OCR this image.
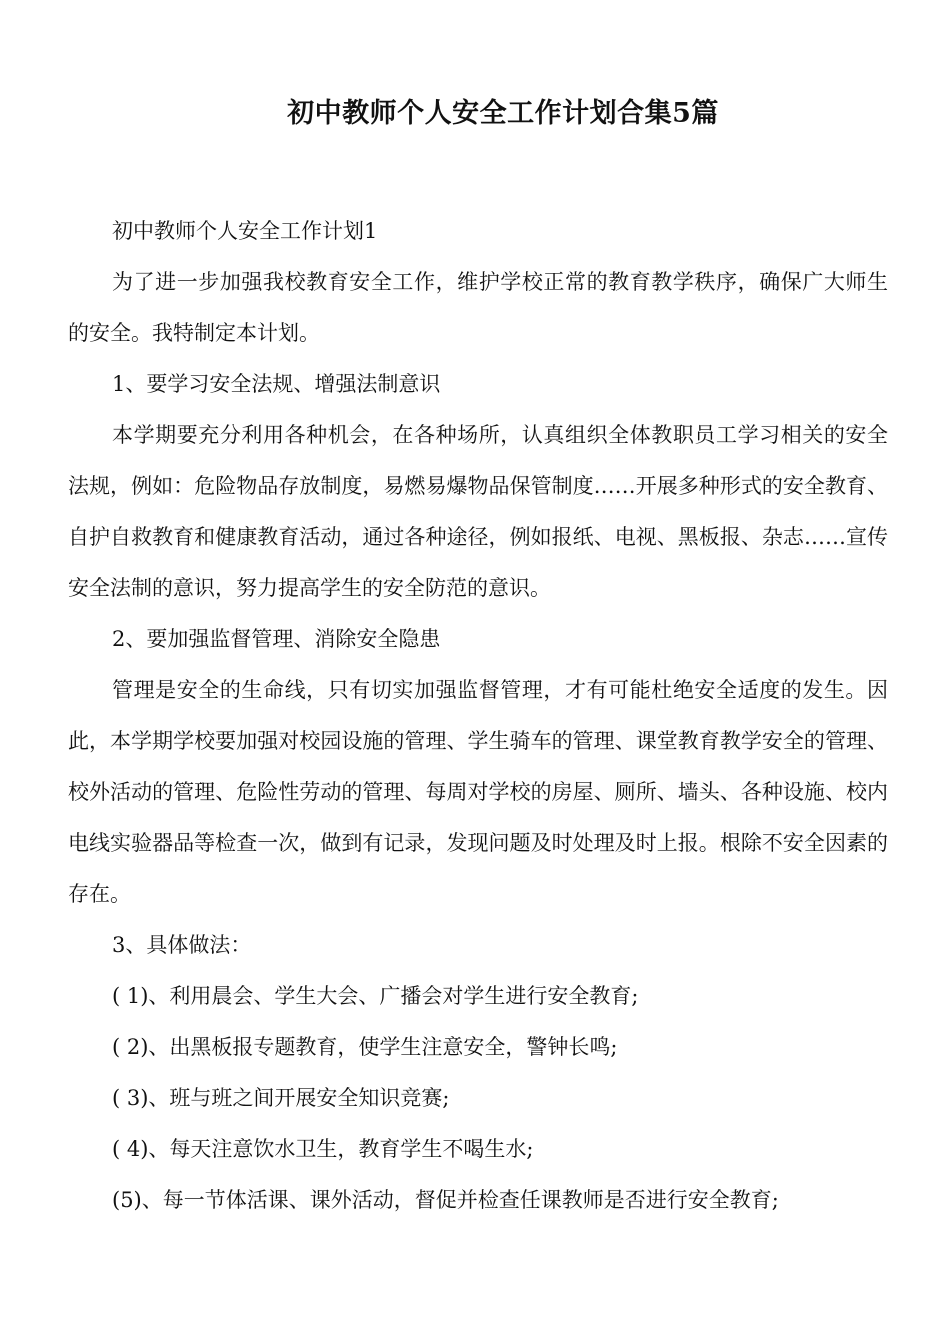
初中教师个人安全工作计划合集5篇

初中教师个人安全工作计划1

为了进一步加强我校教育安全工作，维护学校正常的教育教学秩序，确保广大师生的安全。我特制定本计划。

1、要学习安全法规、增强法制意识

本学期要充分利用各种机会，在各种场所，认真组织全体教职员工学习相关的安全法规，例如：危险物品存放制度，易燃易爆物品保管制度……开展多种形式的安全教育、自护自救教育和健康教育活动，通过各种途径，例如报纸、电视、黑板报、杂志……宣传安全法制的意识，努力提高学生的安全防范的意识。

2、要加强监督管理、消除安全隐患

管理是安全的生命线，只有切实加强监督管理，才有可能杜绝安全适度的发生。因此，本学期学校要加强对校园设施的管理、学生骑车的管理、课堂教育教学安全的管理、校外活动的管理、危险性劳动的管理、每周对学校的房屋、厕所、墙头、各种设施、校内电线实验器品等检查一次，做到有记录，发现问题及时处理及时上报。根除不安全因素的存在。

3、具体做法：

( 1)、利用晨会、学生大会、广播会对学生进行安全教育;

( 2)、出黑板报专题教育，使学生注意安全，警钟长鸣;

( 3)、班与班之间开展安全知识竞赛;

( 4)、每天注意饮水卫生，教育学生不喝生水;

(5)、每一节体活课、课外活动，督促并检查任课教师是否进行安全教育;
